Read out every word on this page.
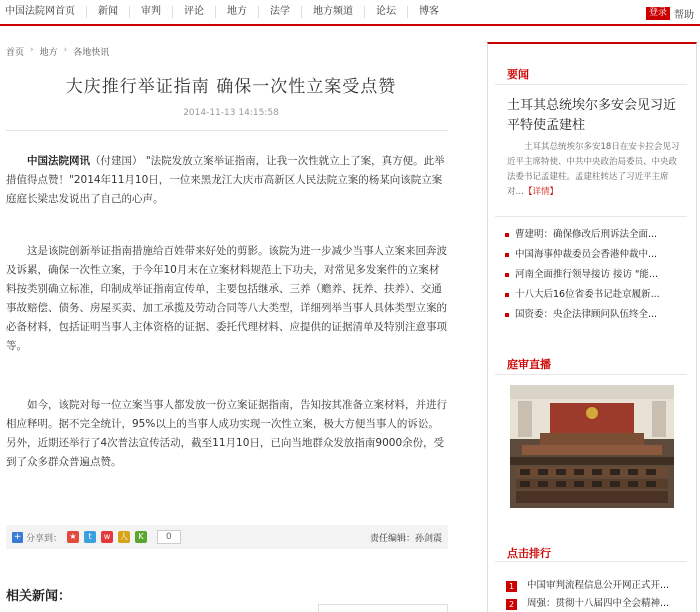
中国法院网首页	新闻	审判	评论	地方	法学	地方频道	论坛	博客	登录 帮助
首页 › 地方 › 各地快讯
大庆推行举证指南 确保一次性立案受点赞
2014-11-13 14:15:58

中国法院网讯（付建国） "法院发放立案举证指南，让我一次性就立上了案，真方便。此举措值得点赞！"2014年11月10日，一位来黑龙江大庆市高新区人民法院立案的杨某向该院立案庭庭长梁忠发说出了自己的心声。

这是该院创新举证指南措施给百姓带来好处的剪影。该院为进一步减少当事人立案来回奔波及诉累，确保一次性立案，于今年10月末在立案材料规范上下功夫，对常见多发案件的立案材料按类别确立标准，印制成举证指南宣传单，主要包括继承、三养（赡养、抚养、扶养）、交通事故赔偿、债务、房屋买卖、加工承揽及劳动合同等八大类型，详细列举当事人具体类型立案的必备材料，包括证明当事人主体资格的证据、委托代理材料、应提供的证据清单及特别注意事项等。

如今，该院对每一位立案当事人都发放一份立案证据指南，告知按其准备立案材料，并进行相应释明。据不完全统计，95%以上的当事人成功实现一次性立案，极大方便当事人的诉讼。另外，近期还举行了4次普法宣传活动，截至11月10日，已向当地群众发放指南9000余份，受到了众多群众普遍点赞。

+ 分享到： ★	t	w	人	K	0	责任编辑：孙剑震
相关新闻：
要闻
土耳其总统埃尔多安会见习近平特使孟建柱
土耳其总统埃尔多安18日在安卡拉会见习近平主席特使、中共中央政治局委员、中央政法委书记孟建柱。孟建柱转达了习近平主席对…【详情】
曹建明：确保修改后刑诉法全面...
中国海事仲裁委员会香港仲裁中...
河南全面推行领导接访 接访 "能...
十八大后16位省委书记赴京履新...
国资委：央企法律顾问队伍终全...
庭审直播
点击排行
1	中国审判流程信息公开网正式开...
2	周强：贯彻十八届四中全会精神...
